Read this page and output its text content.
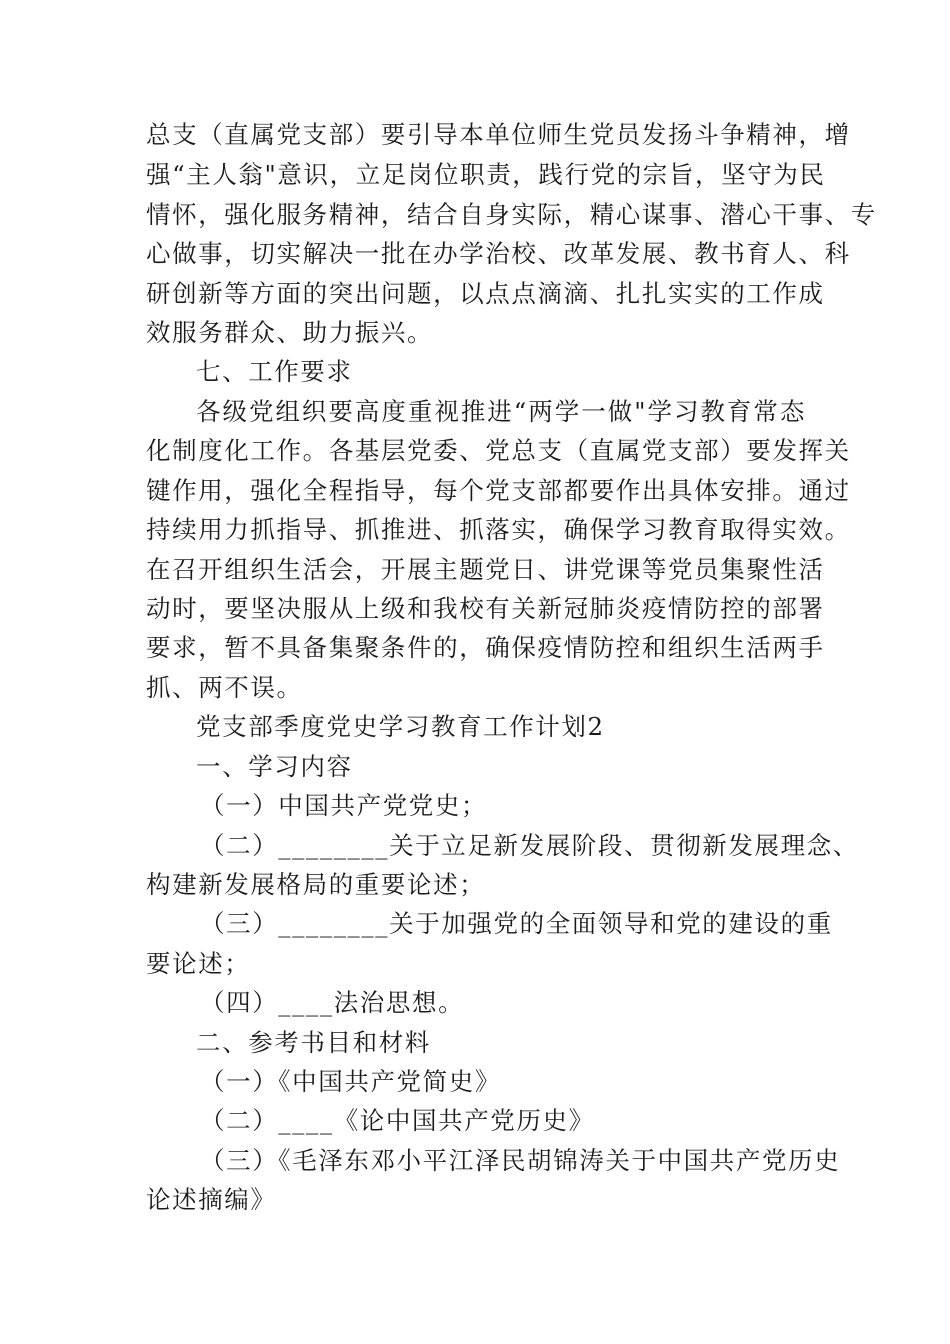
总支（直属党支部）要引导本单位师生党员发扬斗争精神，增
强“主人翁"意识，立足岗位职责，践行党的宗旨，坚守为民
情怀，强化服务精神，结合自身实际，精心谋事、潜心干事、专
心做事，切实解决一批在办学治校、改革发展、教书育人、科
研创新等方面的突出问题，以点点滴滴、扎扎实实的工作成
效服务群众、助力振兴。
七、工作要求
各级党组织要高度重视推进“两学一做"学习教育常态
化制度化工作。各基层党委、党总支（直属党支部）要发挥关
键作用，强化全程指导，每个党支部都要作出具体安排。通过
持续用力抓指导、抓推进、抓落实，确保学习教育取得实效。
在召开组织生活会，开展主题党日、讲党课等党员集聚性活
动时，要坚决服从上级和我校有关新冠肺炎疫情防控的部署
要求，暂不具备集聚条件的，确保疫情防控和组织生活两手
抓、两不误。
党支部季度党史学习教育工作计划2
一、学习内容
（一）中国共产党党史；
（二）________关于立足新发展阶段、贯彻新发展理念、
构建新发展格局的重要论述；
（三）________关于加强党的全面领导和党的建设的重
要论述；
（四）____法治思想。
二、参考书目和材料
（一）《中国共产党简史》
（二）____《论中国共产党历史》
（三）《毛泽东邓小平江泽民胡锦涛关于中国共产党历史
论述摘编》
